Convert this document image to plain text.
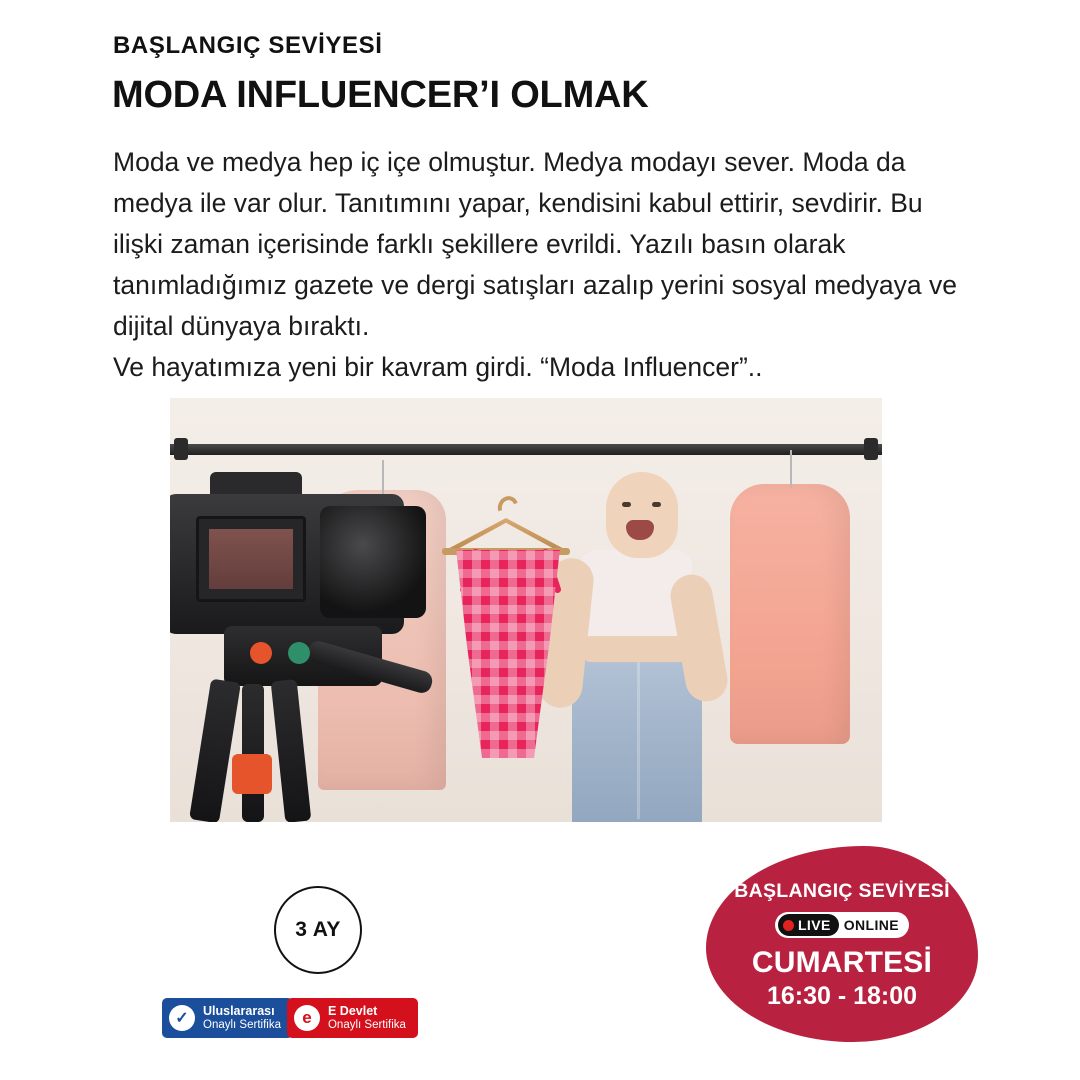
BAŞLANGIÇ SEVİYESİ
MODA INFLUENCER’I OLMAK

Moda ve medya hep iç içe olmuştur. Medya modayı sever. Moda da medya ile var olur. Tanıtımını yapar, kendisini kabul ettirir, sevdirir. Bu ilişki zaman içerisinde farklı şekillere evrildi. Yazılı basın olarak tanımladığımız gazete ve dergi satışları azalıp yerini sosyal medyaya ve dijital dünyaya bıraktı.

Ve hayatımıza yeni bir kavram girdi. “Moda Influencer”..

3 AY
✓	Uluslararası
Onaylı Sertifika	e	E Devlet
Onaylı Sertifika
BAŞLANGIÇ SEVİYESİ
LIVE ONLINE
CUMARTESİ
16:30 - 18:00
